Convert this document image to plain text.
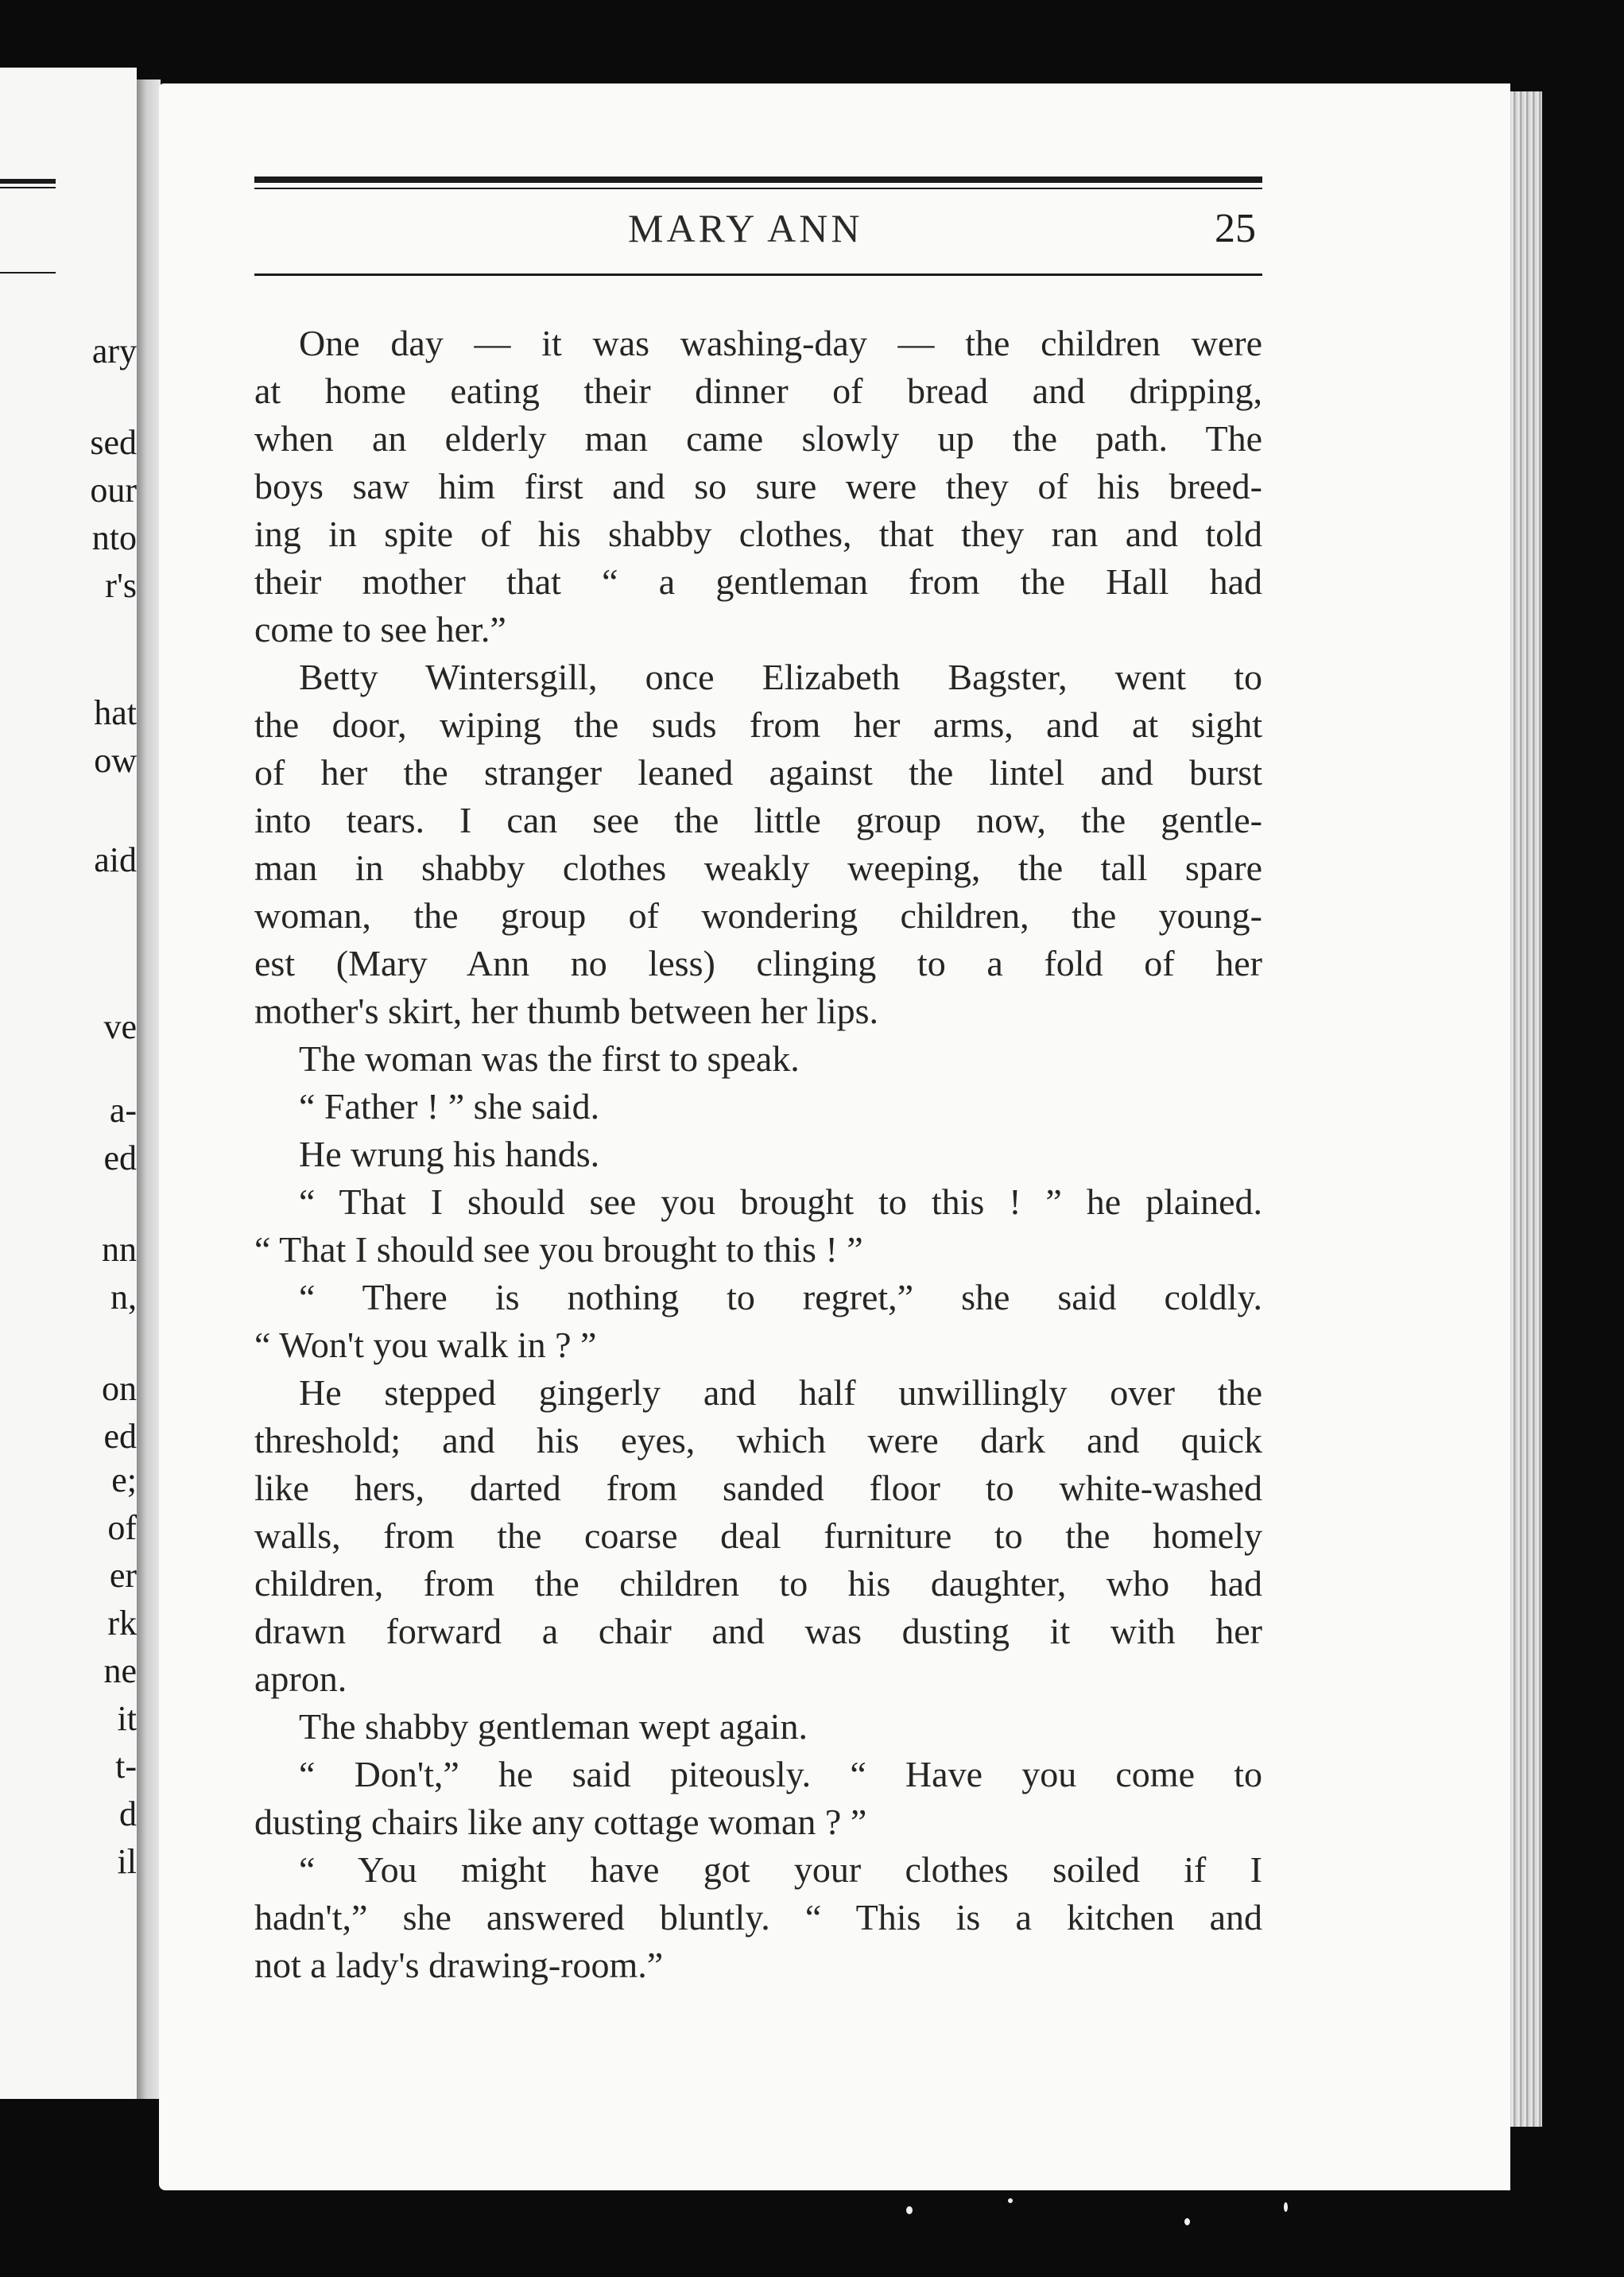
ary
sed
our
nto
r's
hat
ow
aid
ve
a-
ed
nn
n,
on
ed
e;
of
er
rk
ne
it
t-
d
il
MARY ANN	25
One day — it was washing-day — the children were
at home eating their dinner of bread and dripping,
when an elderly man came slowly up the path. The
boys saw him first and so sure were they of his breed-
ing in spite of his shabby clothes, that they ran and told
their mother that “ a gentleman from the Hall had
come to see her.”
Betty Wintersgill, once Elizabeth Bagster, went to
the door, wiping the suds from her arms, and at sight
of her the stranger leaned against the lintel and burst
into tears. I can see the little group now, the gentle-
man in shabby clothes weakly weeping, the tall spare
woman, the group of wondering children, the young-
est (Mary Ann no less) clinging to a fold of her
mother's skirt, her thumb between her lips.
The woman was the first to speak.
“ Father ! ” she said.
He wrung his hands.
“ That I should see you brought to this ! ” he plained.
“ That I should see you brought to this ! ”
“ There is nothing to regret,” she said coldly.
“ Won't you walk in ? ”
He stepped gingerly and half unwillingly over the
threshold; and his eyes, which were dark and quick
like hers, darted from sanded floor to white-washed
walls, from the coarse deal furniture to the homely
children, from the children to his daughter, who had
drawn forward a chair and was dusting it with her
apron.
The shabby gentleman wept again.
“ Don't,” he said piteously. “ Have you come to
dusting chairs like any cottage woman ? ”
“ You might have got your clothes soiled if I
hadn't,” she answered bluntly. “ This is a kitchen and
not a lady's drawing-room.”
